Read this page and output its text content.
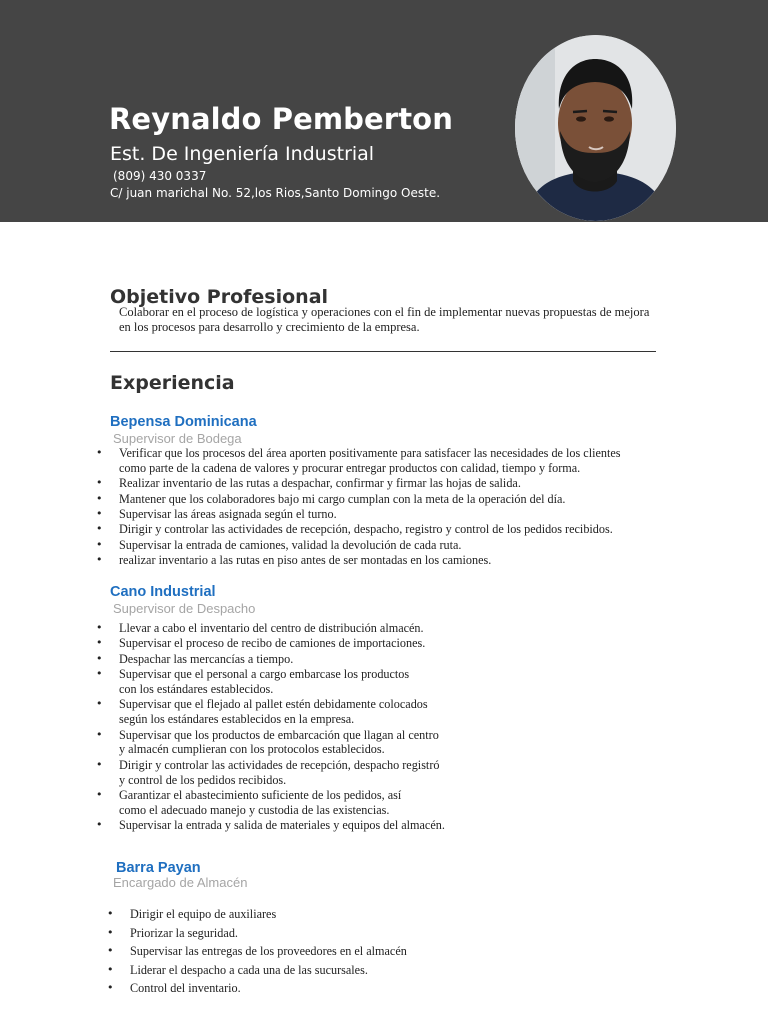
Reynaldo Pemberton
Est. De Ingeniería Industrial
(809) 430 0337
C/ juan marichal No. 52,los Rios,Santo Domingo Oeste.
Objetivo Profesional
Colaborar en el proceso de logística y operaciones con el fin de implementar nuevas propuestas de mejora en los procesos para desarrollo y crecimiento de la empresa.
Experiencia
Bepensa Dominicana
Supervisor de Bodega
• Verificar que los procesos del área aporten positivamente para satisfacer las necesidades de los clientes
como parte de la cadena de valores y procurar entregar productos con calidad, tiempo y forma.
• Realizar inventario de las rutas a despachar, confirmar y firmar las hojas de salida.
• Mantener que los colaboradores bajo mi cargo cumplan con la meta de la operación del día.
• Supervisar las áreas asignada según el turno.
• Dirigir y controlar las actividades de recepción, despacho, registro y control de los pedidos recibidos.
• Supervisar la entrada de camiones, validad la devolución de cada ruta.
• realizar inventario a las rutas en piso antes de ser montadas en los camiones.
Cano Industrial
Supervisor de Despacho
• Llevar a cabo el inventario del centro de distribución almacén.
• Supervisar el proceso de recibo de camiones de importaciones.
• Despachar las mercancías a tiempo.
• Supervisar que el personal a cargo embarcase los productos
con los estándares establecidos.
• Supervisar que el flejado al pallet estén debidamente colocados
según los estándares establecidos en la empresa.
• Supervisar que los productos de embarcación que llagan al centro
y almacén cumplieran con los protocolos establecidos.
• Dirigir y controlar las actividades de recepción, despacho registró
y control de los pedidos recibidos.
• Garantizar el abastecimiento suficiente de los pedidos, así
como el adecuado manejo y custodia de las existencias.
• Supervisar la entrada y salida de materiales y equipos del almacén.
Barra Payan
Encargado de Almacén
• Dirigir el equipo de auxiliares
• Priorizar la seguridad.
• Supervisar las entregas de los proveedores en el almacén
• Liderar el despacho a cada una de las sucursales.
• Control del inventario.
